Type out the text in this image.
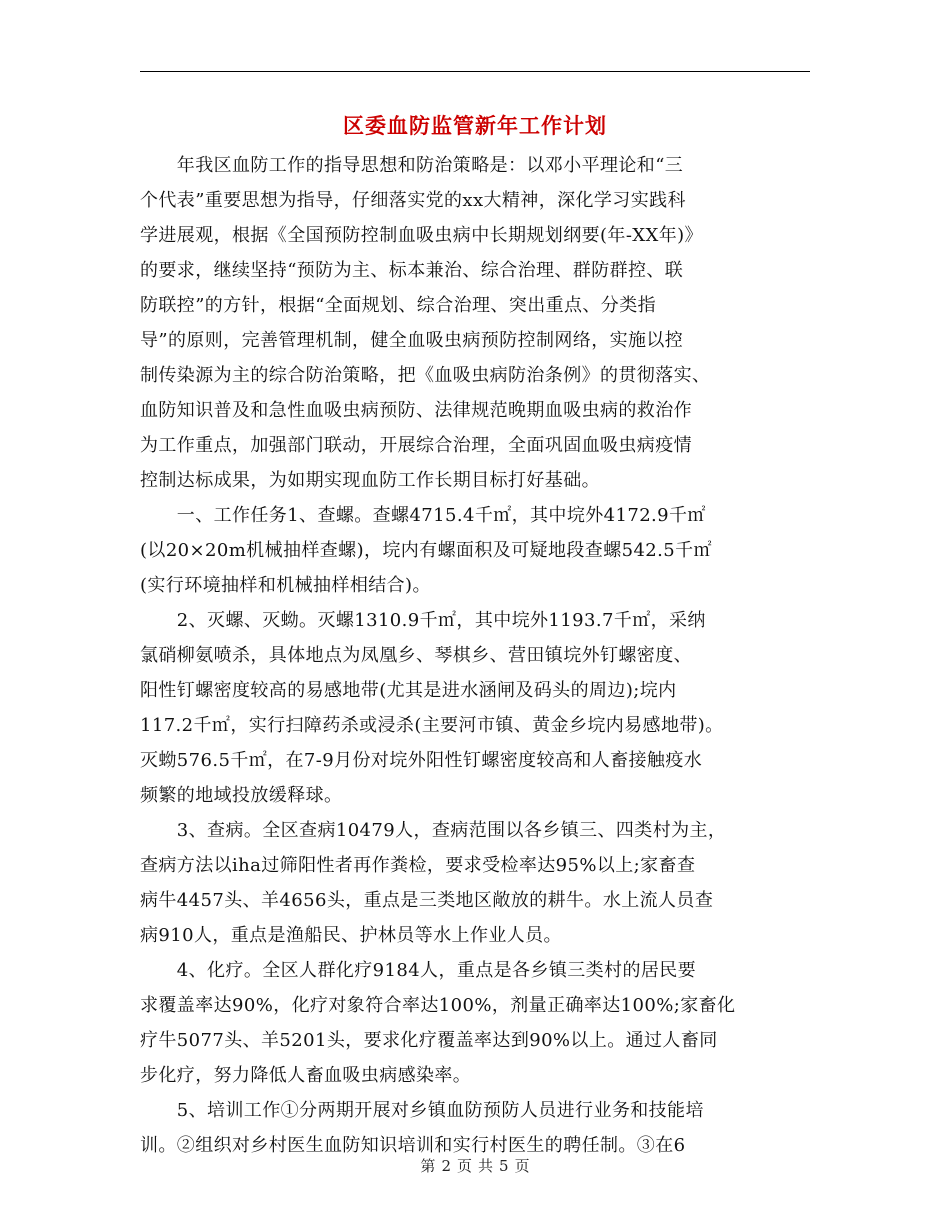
区委血防监管新年工作计划
　　年我区血防工作的指导思想和防治策略是：以邓小平理论和“三
个代表”重要思想为指导，仔细落实党的xx大精神，深化学习实践科
学进展观，根据《全国预防控制血吸虫病中长期规划纲要(年-XX年)》
的要求，继续坚持“预防为主、标本兼治、综合治理、群防群控、联
防联控”的方针，根据“全面规划、综合治理、突出重点、分类指
导”的原则，完善管理机制，健全血吸虫病预防控制网络，实施以控
制传染源为主的综合防治策略，把《血吸虫病防治条例》的贯彻落实、
血防知识普及和急性血吸虫病预防、法律规范晚期血吸虫病的救治作
为工作重点，加强部门联动，开展综合治理，全面巩固血吸虫病疫情
控制达标成果，为如期实现血防工作长期目标打好基础。
　　一、工作任务1、查螺。查螺4715.4千㎡，其中垸外4172.9千㎡
(以20×20m机械抽样查螺)，垸内有螺面积及可疑地段查螺542.5千㎡
(实行环境抽样和机械抽样相结合)。
　　2、灭螺、灭蚴。灭螺1310.9千㎡，其中垸外1193.7千㎡，采纳
氯硝柳氨喷杀，具体地点为凤凰乡、琴棋乡、营田镇垸外钉螺密度、
阳性钉螺密度较高的易感地带(尤其是进水涵闸及码头的周边);垸内
117.2千㎡，实行扫障药杀或浸杀(主要河市镇、黄金乡垸内易感地带)。
灭蚴576.5千㎡，在7-9月份对垸外阳性钉螺密度较高和人畜接触疫水
频繁的地域投放缓释球。
　　3、查病。全区查病10479人，查病范围以各乡镇三、四类村为主，
查病方法以iha过筛阳性者再作粪检，要求受检率达95%以上;家畜查
病牛4457头、羊4656头，重点是三类地区敞放的耕牛。水上流人员查
病910人，重点是渔船民、护林员等水上作业人员。
　　4、化疗。全区人群化疗9184人，重点是各乡镇三类村的居民要
求覆盖率达90%，化疗对象符合率达100%，剂量正确率达100%;家畜化
疗牛5077头、羊5201头，要求化疗覆盖率达到90%以上。通过人畜同
步化疗，努力降低人畜血吸虫病感染率。
　　5、培训工作①分两期开展对乡镇血防预防人员进行业务和技能培
训。②组织对乡村医生血防知识培训和实行村医生的聘任制。③在6
第 2 页 共 5 页
